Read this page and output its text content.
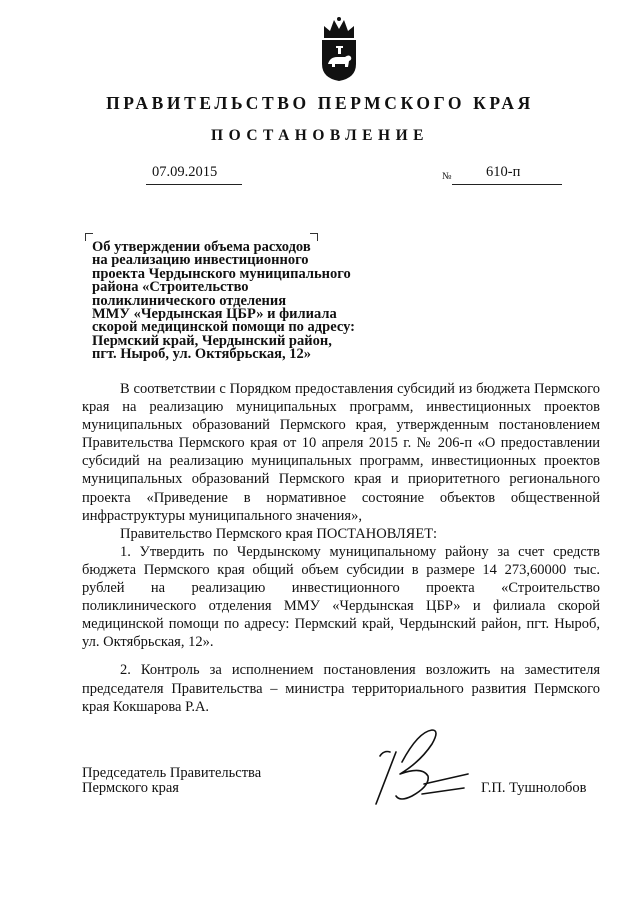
ПРАВИТЕЛЬСТВО ПЕРМСКОГО КРАЯ
ПОСТАНОВЛЕНИЕ
07.09.2015	№ 610-п
Об утверждении объема расходов
на реализацию инвестиционного
проекта Чердынского муниципального
района «Строительство
поликлинического отделения
ММУ «Чердынская ЦБР» и филиала
скорой медицинской помощи по адресу:
Пермский край, Чердынский район,
пгт. Ныроб, ул. Октябрьская, 12»

В соответствии с Порядком предоставления субсидий из бюджета Пермского края на реализацию муниципальных программ, инвестиционных проектов муниципальных образований Пермского края, утвержденным постановлением Правительства Пермского края от 10 апреля 2015 г. № 206-п «О предоставлении субсидий на реализацию муниципальных программ, инвестиционных проектов муниципальных образований Пермского края и приоритетного регионального проекта «Приведение в нормативное состояние объектов общественной инфраструктуры муниципального значения»,

Правительство Пермского края ПОСТАНОВЛЯЕТ:

1. Утвердить по Чердынскому муниципальному району за счет средств бюджета Пермского края общий объем субсидии в размере 14 273,60000 тыс. рублей на реализацию инвестиционного проекта «Строительство поликлинического отделения ММУ «Чердынская ЦБР» и филиала скорой медицинской помощи по адресу: Пермский край, Чердынский район, пгт. Ныроб, ул. Октябрьская, 12».

2. Контроль за исполнением постановления возложить на заместителя председателя Правительства – министра территориального развития Пермского края Кокшарова Р.А.

Председатель Правительства
Пермского края	Г.П. Тушнолобов
